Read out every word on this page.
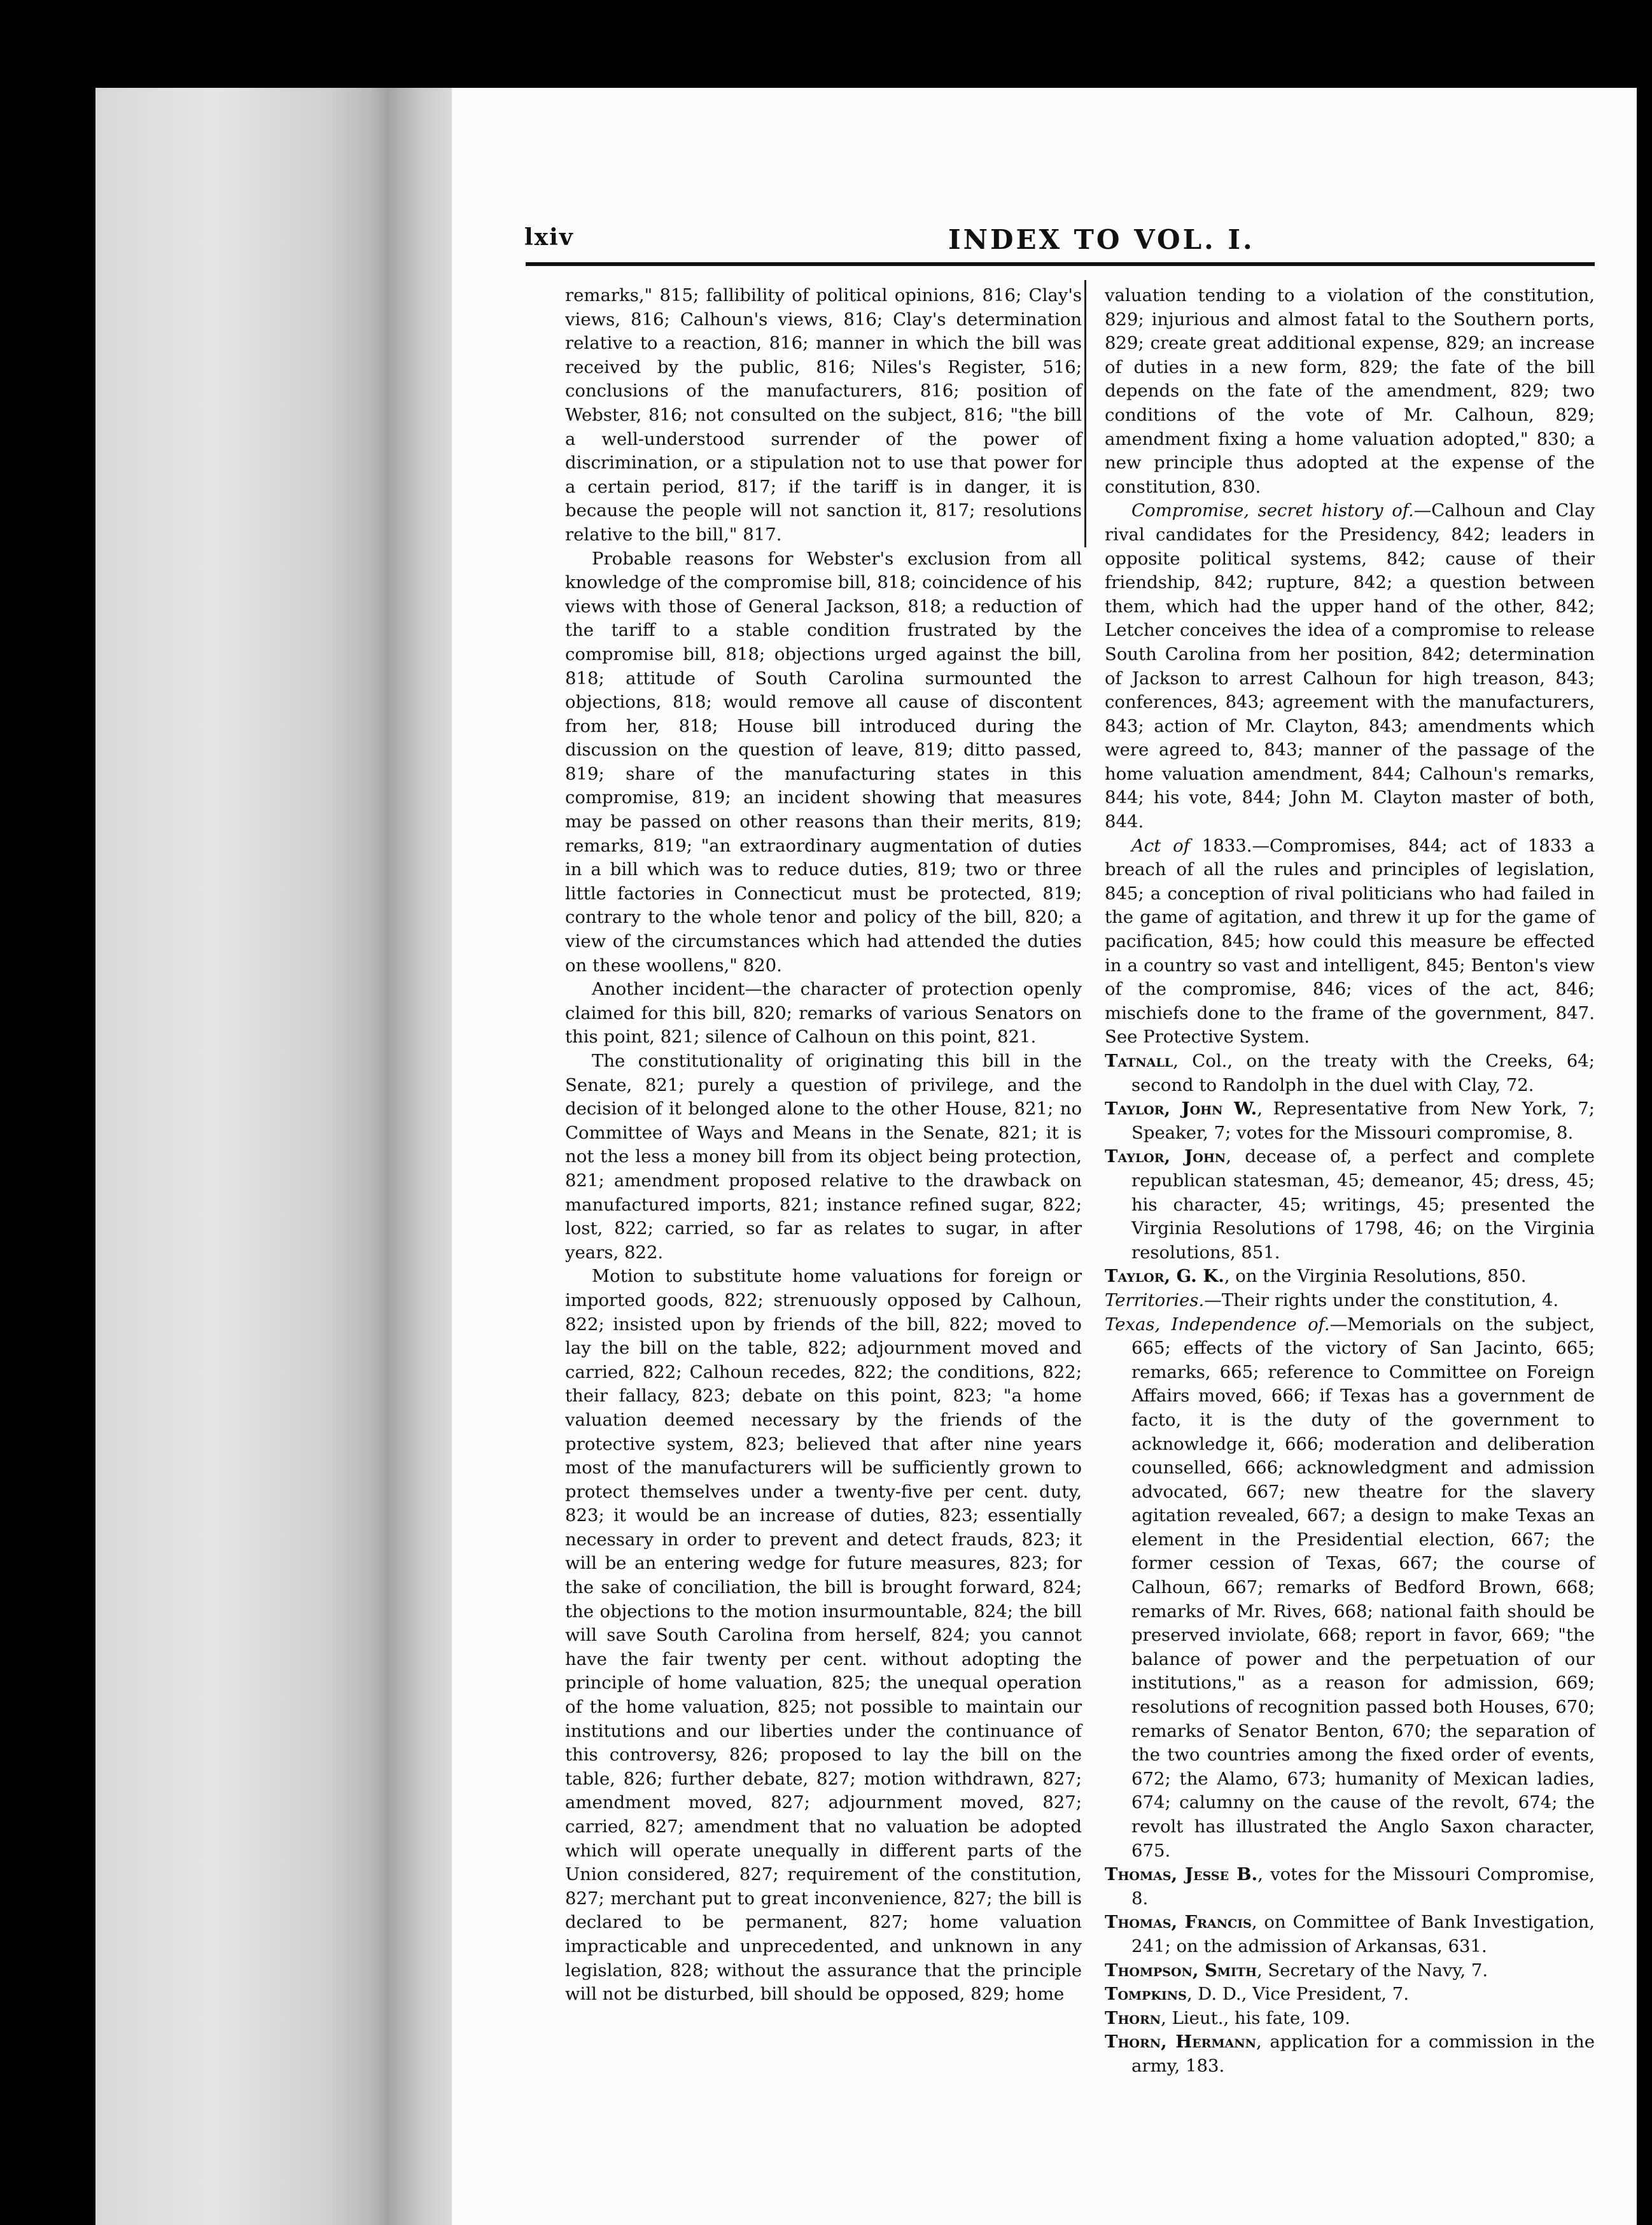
lxiv	INDEX TO VOL. I.

remarks," 815; fallibility of political opinions, 816; Clay's views, 816; Calhoun's views, 816; Clay's determination relative to a reaction, 816; manner in which the bill was received by the public, 816; Niles's Register, 516; conclusions of the manufacturers, 816; position of Webster, 816; not consulted on the subject, 816; "the bill a well-understood surrender of the power of discrimination, or a stipulation not to use that power for a certain period, 817; if the tariff is in danger, it is because the people will not sanction it, 817; resolutions relative to the bill," 817.

Probable reasons for Webster's exclusion from all knowledge of the compromise bill, 818; coincidence of his views with those of General Jackson, 818; a reduction of the tariff to a stable condition frustrated by the compromise bill, 818; objections urged against the bill, 818; attitude of South Carolina surmounted the objections, 818; would remove all cause of discontent from her, 818; House bill introduced during the discussion on the question of leave, 819; ditto passed, 819; share of the manufacturing states in this compromise, 819; an incident showing that measures may be passed on other reasons than their merits, 819; remarks, 819; "an extraordinary augmentation of duties in a bill which was to reduce duties, 819; two or three little factories in Connecticut must be protected, 819; contrary to the whole tenor and policy of the bill, 820; a view of the circumstances which had attended the duties on these woollens," 820.

Another incident—the character of protection openly claimed for this bill, 820; remarks of various Senators on this point, 821; silence of Calhoun on this point, 821.

The constitutionality of originating this bill in the Senate, 821; purely a question of privilege, and the decision of it belonged alone to the other House, 821; no Committee of Ways and Means in the Senate, 821; it is not the less a money bill from its object being protection, 821; amendment proposed relative to the drawback on manufactured imports, 821; instance refined sugar, 822; lost, 822; carried, so far as relates to sugar, in after years, 822.

Motion to substitute home valuations for foreign or imported goods, 822; strenuously opposed by Calhoun, 822; insisted upon by friends of the bill, 822; moved to lay the bill on the table, 822; adjournment moved and carried, 822; Calhoun recedes, 822; the conditions, 822; their fallacy, 823; debate on this point, 823; "a home valuation deemed necessary by the friends of the protective system, 823; believed that after nine years most of the manufacturers will be sufficiently grown to protect themselves under a twenty-five per cent. duty, 823; it would be an increase of duties, 823; essentially necessary in order to prevent and detect frauds, 823; it will be an entering wedge for future measures, 823; for the sake of conciliation, the bill is brought forward, 824; the objections to the motion insurmountable, 824; the bill will save South Carolina from herself, 824; you cannot have the fair twenty per cent. without adopting the principle of home valuation, 825; the unequal operation of the home valuation, 825; not possible to maintain our institutions and our liberties under the continuance of this controversy, 826; proposed to lay the bill on the table, 826; further debate, 827; motion withdrawn, 827; amendment moved, 827; adjournment moved, 827; carried, 827; amendment that no valuation be adopted which will operate unequally in different parts of the Union considered, 827; requirement of the constitution, 827; merchant put to great inconvenience, 827; the bill is declared to be permanent, 827; home valuation impracticable and unprecedented, and unknown in any legislation, 828; without the assurance that the principle will not be disturbed, bill should be opposed, 829; home

valuation tending to a violation of the constitution, 829; injurious and almost fatal to the Southern ports, 829; create great additional expense, 829; an increase of duties in a new form, 829; the fate of the bill depends on the fate of the amendment, 829; two conditions of the vote of Mr. Calhoun, 829; amendment fixing a home valuation adopted," 830; a new principle thus adopted at the expense of the constitution, 830.

Compromise, secret history of.—Calhoun and Clay rival candidates for the Presidency, 842; leaders in opposite political systems, 842; cause of their friendship, 842; rupture, 842; a question between them, which had the upper hand of the other, 842; Letcher conceives the idea of a compromise to release South Carolina from her position, 842; determination of Jackson to arrest Calhoun for high treason, 843; conferences, 843; agreement with the manufacturers, 843; action of Mr. Clayton, 843; amendments which were agreed to, 843; manner of the passage of the home valuation amendment, 844; Calhoun's remarks, 844; his vote, 844; John M. Clayton master of both, 844.

Act of 1833.—Compromises, 844; act of 1833 a breach of all the rules and principles of legislation, 845; a conception of rival politicians who had failed in the game of agitation, and threw it up for the game of pacification, 845; how could this measure be effected in a country so vast and intelligent, 845; Benton's view of the compromise, 846; vices of the act, 846; mischiefs done to the frame of the government, 847. See Protective System.

Tatnall, Col., on the treaty with the Creeks, 64; second to Randolph in the duel with Clay, 72.

Taylor, John W., Representative from New York, 7; Speaker, 7; votes for the Missouri compromise, 8.

Taylor, John, decease of, a perfect and complete republican statesman, 45; demeanor, 45; dress, 45; his character, 45; writings, 45; presented the Virginia Resolutions of 1798, 46; on the Virginia resolutions, 851.

Taylor, G. K., on the Virginia Resolutions, 850.

Territories.—Their rights under the constitution, 4.

Texas, Independence of.—Memorials on the subject, 665; effects of the victory of San Jacinto, 665; remarks, 665; reference to Committee on Foreign Affairs moved, 666; if Texas has a government de facto, it is the duty of the government to acknowledge it, 666; moderation and deliberation counselled, 666; acknowledgment and admission advocated, 667; new theatre for the slavery agitation revealed, 667; a design to make Texas an element in the Presidential election, 667; the former cession of Texas, 667; the course of Calhoun, 667; remarks of Bedford Brown, 668; remarks of Mr. Rives, 668; national faith should be preserved inviolate, 668; report in favor, 669; "the balance of power and the perpetuation of our institutions," as a reason for admission, 669; resolutions of recognition passed both Houses, 670; remarks of Senator Benton, 670; the separation of the two countries among the fixed order of events, 672; the Alamo, 673; humanity of Mexican ladies, 674; calumny on the cause of the revolt, 674; the revolt has illustrated the Anglo Saxon character, 675.

Thomas, Jesse B., votes for the Missouri Compromise, 8.

Thomas, Francis, on Committee of Bank Investigation, 241; on the admission of Arkansas, 631.

Thompson, Smith, Secretary of the Navy, 7.

Tompkins, D. D., Vice President, 7.

Thorn, Lieut., his fate, 109.

Thorn, Hermann, application for a commission in the army, 183.
